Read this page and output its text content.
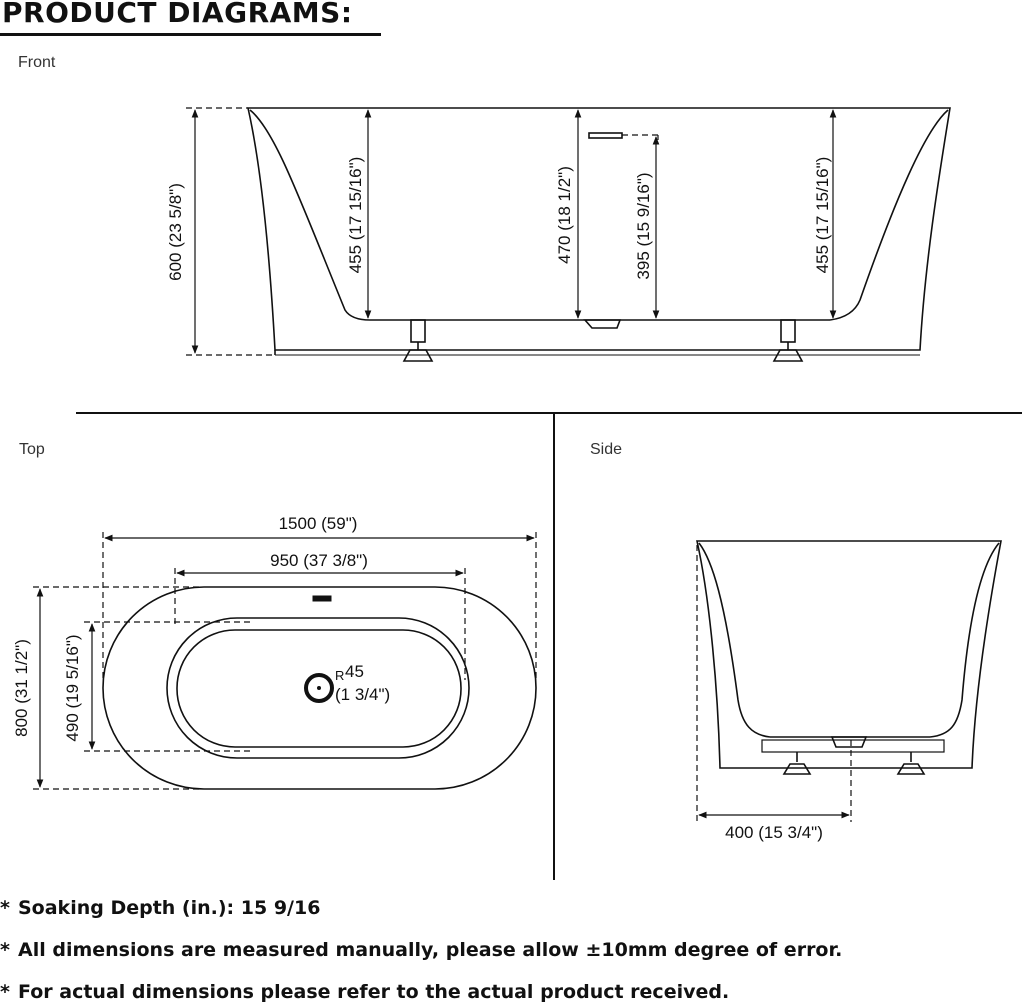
PRODUCT DIAGRAMS:
Front
Top	Side
600 (23 5/8")	455 (17 15/16")	470 (18 1/2")	395 (15 9/16")	455 (17 15/16")
1500 (59")
950 (37 3/8")
800 (31 1/2") 490 (19 5/16")	R 45
(1 3/4")
400 (15 3/4")
* Soaking Depth (in.): 15 9/16
* All dimensions are measured manually, please allow ±10mm degree of error.
* For actual dimensions please refer to the actual product received.
